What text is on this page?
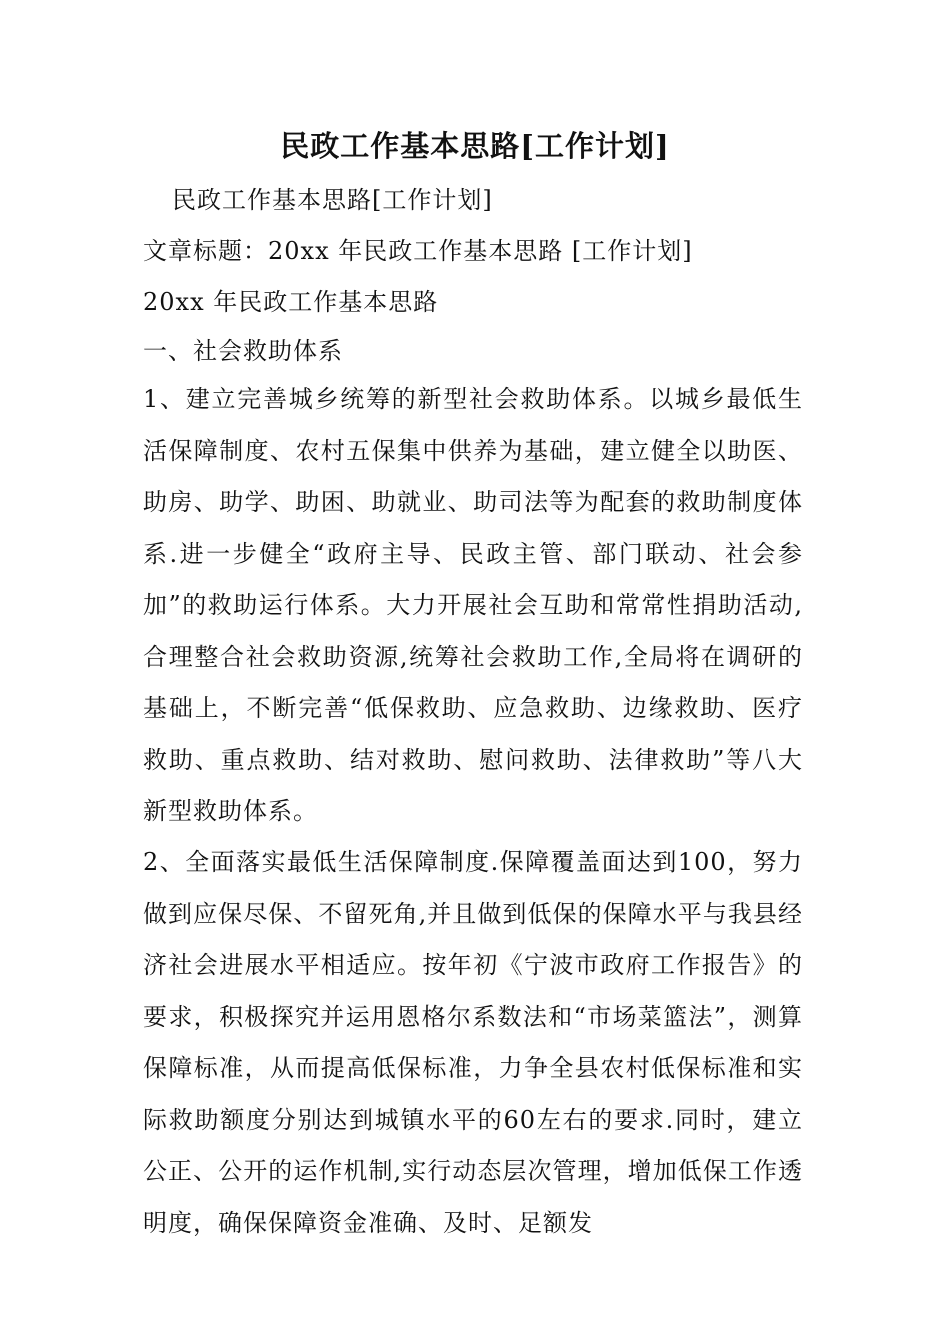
民政工作基本思路[工作计划]
民政工作基本思路[工作计划]
文章标题：20xx 年民政工作基本思路 [工作计划]
20xx 年民政工作基本思路
一、社会救助体系

1、建立完善城乡统筹的新型社会救助体系。以城乡最低生活保障制度、农村五保集中供养为基础，建立健全以助医、助房、助学、助困、助就业、助司法等为配套的救助制度体系.进一步健全“政府主导、民政主管、部门联动、社会参加”的救助运行体系。大力开展社会互助和常常性捐助活动,合理整合社会救助资源,统筹社会救助工作,全局将在调研的基础上，不断完善“低保救助、应急救助、边缘救助、医疗救助、重点救助、结对救助、慰问救助、法律救助”等八大新型救助体系。

2、全面落实最低生活保障制度.保障覆盖面达到100，努力做到应保尽保、不留死角,并且做到低保的保障水平与我县经济社会进展水平相适应。按年初《宁波市政府工作报告》的要求，积极探究并运用恩格尔系数法和“市场菜篮法”，测算保障标准，从而提高低保标准，力争全县农村低保标准和实际救助额度分别达到城镇水平的60左右的要求.同时，建立公正、公开的运作机制,实行动态层次管理，增加低保工作透明度，确保保障资金准确、及时、足额发
